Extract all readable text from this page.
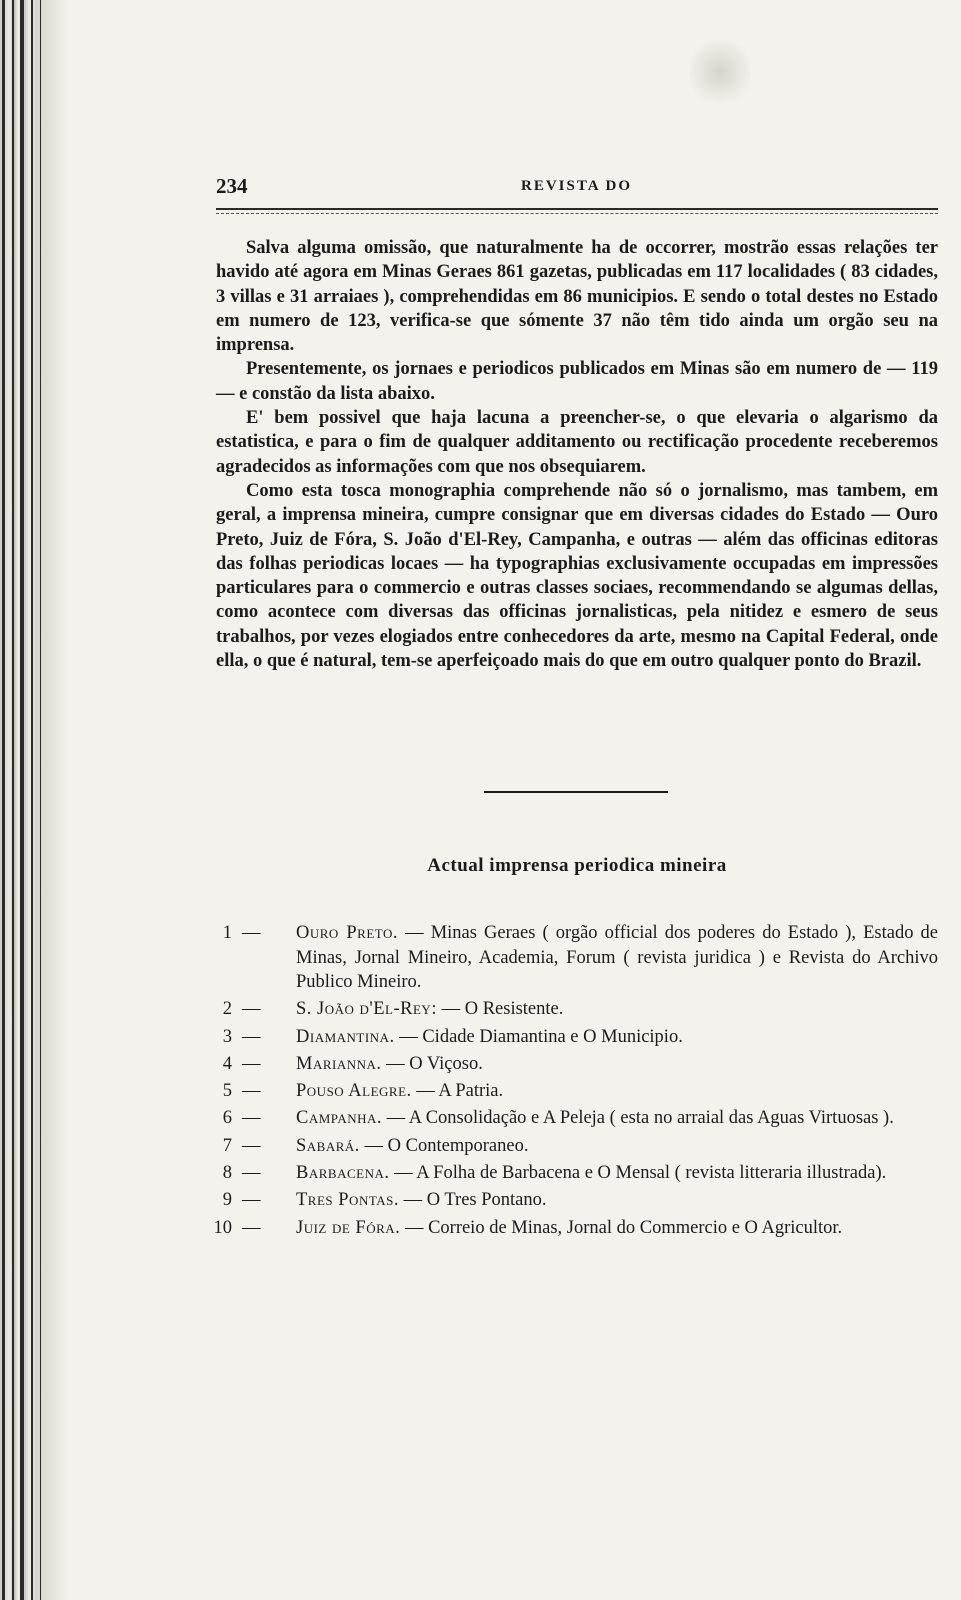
234	REVISTA DO

Salva alguma omissão, que naturalmente ha de occorrer, mostrão essas relações ter havido até agora em Minas Geraes 861 gazetas, publicadas em 117 localidades ( 83 cidades, 3 villas e 31 arraiaes ), comprehendidas em 86 municipios. E sendo o total destes no Estado em numero de 123, verifica-se que sómente 37 não têm tido ainda um orgão seu na imprensa.

Presentemente, os jornaes e periodicos publicados em Minas são em numero de — 119 — e constão da lista abaixo.

E' bem possivel que haja lacuna a preencher-se, o que elevaria o algarismo da estatistica, e para o fim de qualquer additamento ou rectificação procedente receberemos agradecidos as informações com que nos obsequiarem.

Como esta tosca monographia comprehende não só o jornalismo, mas tambem, em geral, a imprensa mineira, cumpre consignar que em diversas cidades do Estado — Ouro Preto, Juiz de Fóra, S. João d'El-Rey, Campanha, e outras — além das officinas editoras das folhas periodicas locaes — ha typographias exclusivamente occupadas em impressões particulares para o commercio e outras classes sociaes, recommendando se algumas dellas, como acontece com diversas das officinas jornalisticas, pela nitidez e esmero de seus trabalhos, por vezes elogiados entre conhecedores da arte, mesmo na Capital Federal, onde ella, o que é natural, tem-se aperfeiçoado mais do que em outro qualquer ponto do Brazil.

Actual imprensa periodica mineira
1 — Ouro Preto. — Minas Geraes ( orgão official dos poderes do Estado ), Estado de Minas, Jornal Mineiro, Academia, Forum ( revista juridica ) e Revista do Archivo Publico Mineiro.
2 — S. João d'El-Rey: — O Resistente.
3 — Diamantina. — Cidade Diamantina e O Municipio.
4 — Marianna. — O Viçoso.
5 — Pouso Alegre. — A Patria.
6 — Campanha. — A Consolidação e A Peleja ( esta no arraial das Aguas Virtuosas ).
7 — Sabará. — O Contemporaneo.
8 — Barbacena. — A Folha de Barbacena e O Mensal ( revista litteraria illustrada).
9 — Tres Pontas. — O Tres Pontano.
10 — Juiz de Fóra. — Correio de Minas, Jornal do Commercio e O Agricultor.
